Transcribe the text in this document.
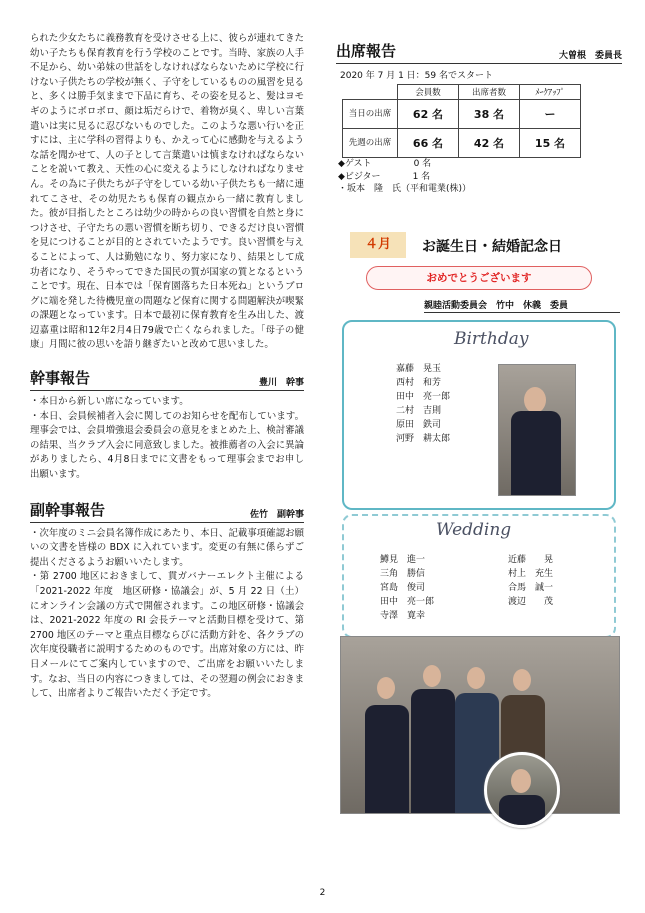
られた少女たちに義務教育を受けさせる上に、彼らが連れてきた幼い子たちも保育教育を行う学校のことです。当時、家族の人手不足から、幼い弟妹の世話をしなければならないために学校に行けない子供たちの学校が無く、子守をしているものの風習を見ると、多くは勝手気ままで下品に育ち、その姿を見ると、髪はヨモギのようにボロボロ、顔は垢だらけで、着物が臭く、卑しい言葉遣いは実に見るに忍びないものでした。このような悪い行いを正すには、主に学科の習得よりも、かえって心に感動を与えるような話を聞かせて、人の子として言葉遣いは慎まなければならないことを説いて教え、天性の心に変えるようにしなければなりません。その為に子供たちが子守をしている幼い子供たちも一緒に連れてこさせ、その幼児たちも保育の観点から一緒に教育しました。彼が目指したところは幼少の時からの良い習慣を自然と身につけさせ、子守たちの悪い習慣を断ち切り、できるだけ良い習慣を見につけることが目的とされていたようです。良い習慣を与えることによって、人は勤勉になり、努力家になり、結果として成功者になり、そうやってできた国民の質が国家の質となるということです。現在、日本では「保育園落ちた日本死ね」というブログに端を発した待機児童の問題など保育に関する問題解決が喫緊の課題となっています。日本で最初に保育教育を生み出した、渡辺嘉重は昭和12年2月4日79歳で亡くなられました。「母子の健康」月間に彼の思いを語り継ぎたいと改めて思いました。

幹事報告	豊川　幹事

・本日から新しい席になっています。

・本日、会員候補者入会に関してのお知らせを配布しています。理事会では、会員増強退会委員会の意見をまとめた上、検討審議の結果、当クラブ入会に同意致しました。被推薦者の入会に異論がありましたら、4月8日までに文書をもって理事会までお申し出願います。

副幹事報告	佐竹　副幹事

・次年度のミニ会員名簿作成にあたり、本日、記載事項確認お願いの文書を皆様の BDX に入れています。変更の有無に係らずご提出くださるようお願いいたします。

・第 2700 地区におきまして、貫ガバナーエレクト主催による「2021-2022 年度　地区研修・協議会」が、5 月 22 日（土）にオンライン会議の方式で開催されます。この地区研修・協議会は、2021-2022 年度の RI 会長テーマと活動目標を受けて、第 2700 地区のテーマと重点目標ならびに活動方針を、各クラブの次年度役職者に説明するためのものです。出席対象の方には、昨日メールにてご案内していますので、ご出席をお願いいたします。なお、当日の内容につきましては、その翌週の例会におきまして、出席者よりご報告いただく予定です。

出席報告	大曽根　委員長
2020 年 7 月 1 日：59 名でスタート
	会員数	出席者数	ﾒｰｸｱｯﾌﾟ
当日の出席	62 名	38 名	ー
先週の出席	66 名	42 名	15 名
◆ゲスト	0 名
◆ビジター	1 名
・坂本　隆　氏（平和電業(株)）
４月	お誕生日・結婚記念日
おめでとうございます
親睦活動委員会　竹中　休義　委員
Birthday
嘉藤　晃玉
西村　和芳
田中　亮一郎
二村　吉則
原田　鉄司
河野　耕太郎
Wedding
鱒見　進一
三角　勝信
宮島　俊司
田中　亮一郎
寺澤　寛幸
近藤　　晃
村上　充生
合馬　誠一
渡辺　　茂
2
